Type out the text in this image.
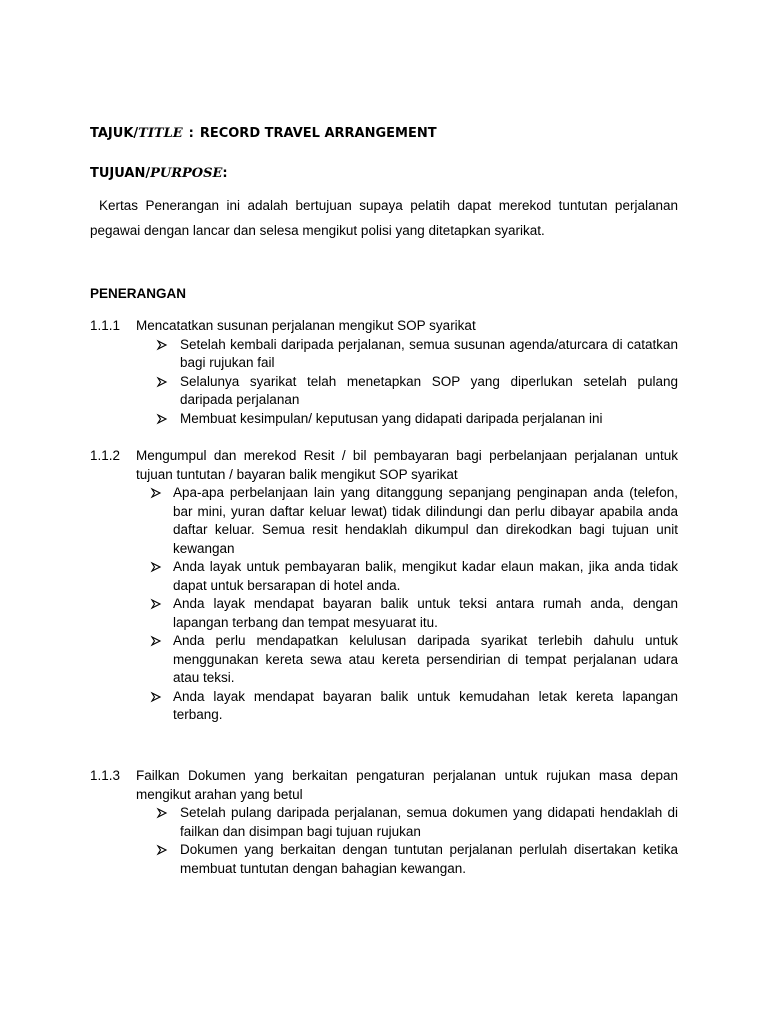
TAJUK/TITLE : RECORD TRAVEL ARRANGEMENT
TUJUAN/PURPOSE:
Kertas Penerangan ini adalah bertujuan supaya pelatih dapat merekod tuntutan perjalanan pegawai dengan lancar dan selesa mengikut polisi yang ditetapkan syarikat.
PENERANGAN
1.1.1 Mencatatkan susunan perjalanan mengikut SOP syarikat
Setelah kembali daripada perjalanan, semua susunan agenda/aturcara di catatkan bagi rujukan fail
Selalunya syarikat telah menetapkan SOP yang diperlukan setelah pulang daripada perjalanan
Membuat kesimpulan/ keputusan yang didapati daripada perjalanan ini
1.1.2 Mengumpul dan merekod Resit / bil pembayaran bagi perbelanjaan perjalanan untuk tujuan tuntutan / bayaran balik mengikut SOP syarikat
Apa-apa perbelanjaan lain yang ditanggung sepanjang penginapan anda (telefon, bar mini, yuran daftar keluar lewat) tidak dilindungi dan perlu dibayar apabila anda daftar keluar. Semua resit hendaklah dikumpul dan direkodkan bagi tujuan unit kewangan
Anda layak untuk pembayaran balik, mengikut kadar elaun makan, jika anda tidak dapat untuk bersarapan di hotel anda.
Anda layak mendapat bayaran balik untuk teksi antara rumah anda, dengan lapangan terbang dan tempat mesyuarat itu.
Anda perlu mendapatkan kelulusan daripada syarikat terlebih dahulu untuk menggunakan kereta sewa atau kereta persendirian di tempat perjalanan udara atau teksi.
Anda layak mendapat bayaran balik untuk kemudahan letak kereta lapangan terbang.
1.1.3 Failkan Dokumen yang berkaitan pengaturan perjalanan untuk rujukan masa depan mengikut arahan yang betul
Setelah pulang daripada perjalanan, semua dokumen yang didapati hendaklah di failkan dan disimpan bagi tujuan rujukan
Dokumen yang berkaitan dengan tuntutan perjalanan perlulah disertakan ketika membuat tuntutan dengan bahagian kewangan.
